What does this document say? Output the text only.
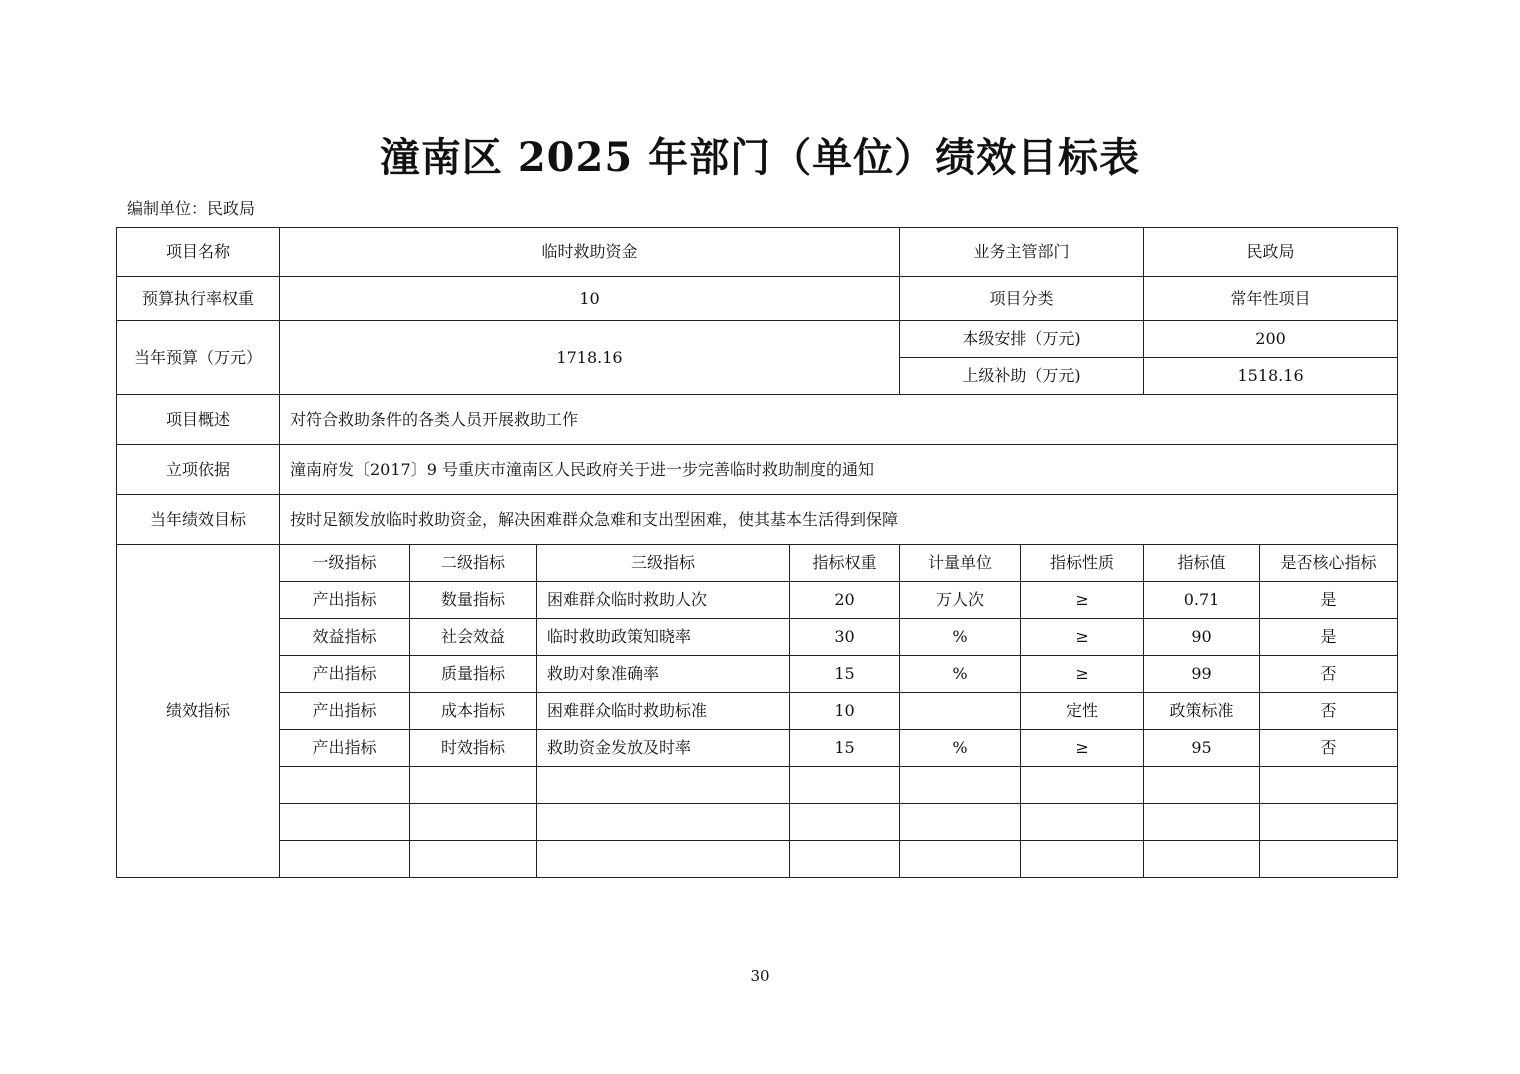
潼南区 2025 年部门（单位）绩效目标表
编制单位：民政局
项目名称	临时救助资金				业务主管部门		民政局	
预算执行率权重	10				项目分类		常年性项目	
当年预算（万元）	1718.16				本级安排（万元)		200	
					上级补助（万元)		1518.16	
项目概述	对符合救助条件的各类人员开展救助工作							
立项依据	潼南府发〔2017〕9 号重庆市潼南区人民政府关于进一步完善临时救助制度的通知							
当年绩效目标	按时足额发放临时救助资金，解决困难群众急难和支出型困难，使其基本生活得到保障							
绩效指标	一级指标	二级指标	三级指标	指标权重	计量单位	指标性质	指标值	是否核心指标
	产出指标	数量指标	困难群众临时救助人次	20	万人次	≥	0.71	是
	效益指标	社会效益	临时救助政策知晓率	30	%	≥	90	是
	产出指标	质量指标	救助对象准确率	15	%	≥	99	否
	产出指标	成本指标	困难群众临时救助标准	10		定性	政策标准	否
	产出指标	时效指标	救助资金发放及时率	15	%	≥	95	否

30
